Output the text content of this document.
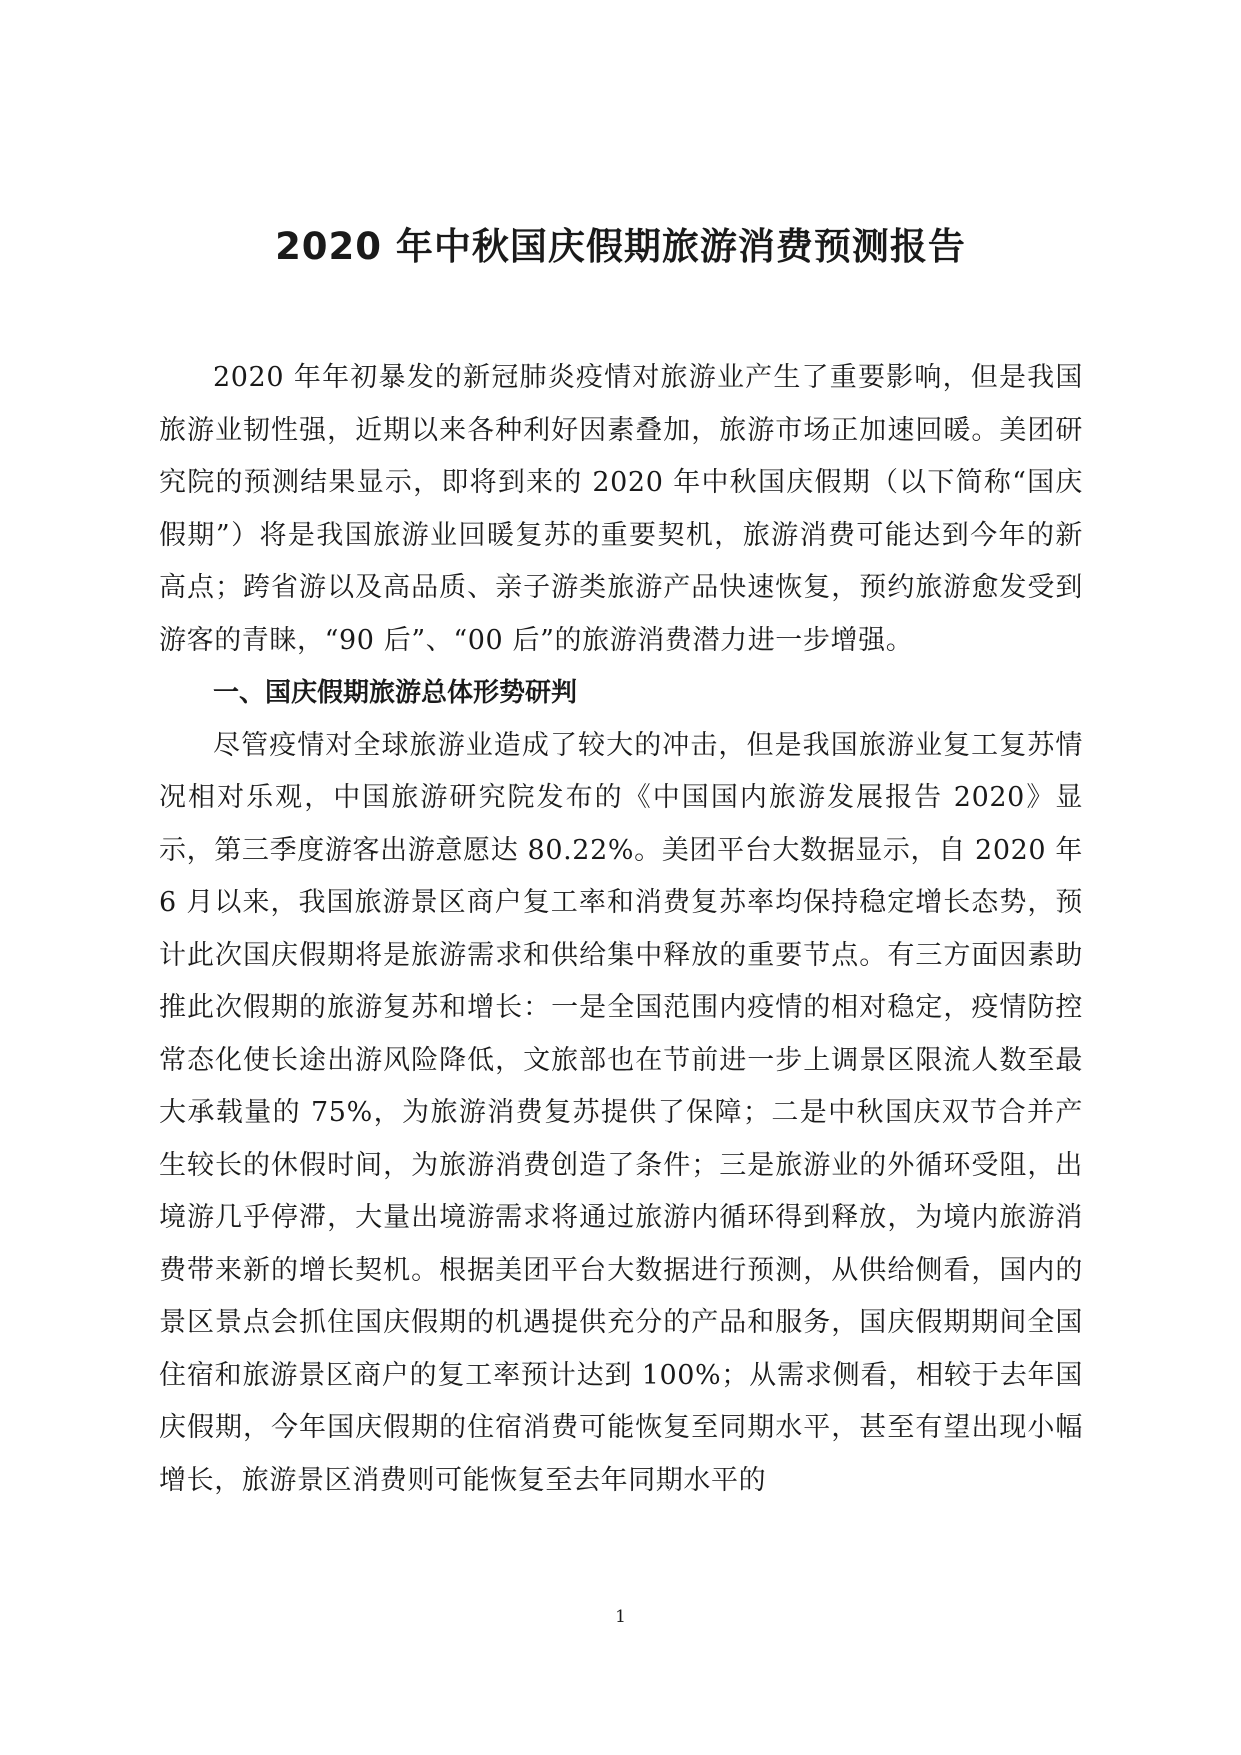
2020 年中秋国庆假期旅游消费预测报告

2020 年年初暴发的新冠肺炎疫情对旅游业产生了重要影响，但是我国旅游业韧性强，近期以来各种利好因素叠加，旅游市场正加速回暖。美团研究院的预测结果显示，即将到来的 2020 年中秋国庆假期（以下简称“国庆假期”）将是我国旅游业回暖复苏的重要契机，旅游消费可能达到今年的新高点；跨省游以及高品质、亲子游类旅游产品快速恢复，预约旅游愈发受到游客的青睐，“90 后”、“00 后”的旅游消费潜力进一步增强。

一、国庆假期旅游总体形势研判

尽管疫情对全球旅游业造成了较大的冲击，但是我国旅游业复工复苏情况相对乐观，中国旅游研究院发布的《中国国内旅游发展报告 2020》显示，第三季度游客出游意愿达 80.22%。美团平台大数据显示，自 2020 年 6 月以来，我国旅游景区商户复工率和消费复苏率均保持稳定增长态势，预计此次国庆假期将是旅游需求和供给集中释放的重要节点。有三方面因素助推此次假期的旅游复苏和增长：一是全国范围内疫情的相对稳定，疫情防控常态化使长途出游风险降低，文旅部也在节前进一步上调景区限流人数至最大承载量的 75%，为旅游消费复苏提供了保障；二是中秋国庆双节合并产生较长的休假时间，为旅游消费创造了条件；三是旅游业的外循环受阻，出境游几乎停滞，大量出境游需求将通过旅游内循环得到释放，为境内旅游消费带来新的增长契机。根据美团平台大数据进行预测，从供给侧看，国内的景区景点会抓住国庆假期的机遇提供充分的产品和服务，国庆假期期间全国住宿和旅游景区商户的复工率预计达到 100%；从需求侧看，相较于去年国庆假期，今年国庆假期的住宿消费可能恢复至同期水平，甚至有望出现小幅增长，旅游景区消费则可能恢复至去年同期水平的

1
